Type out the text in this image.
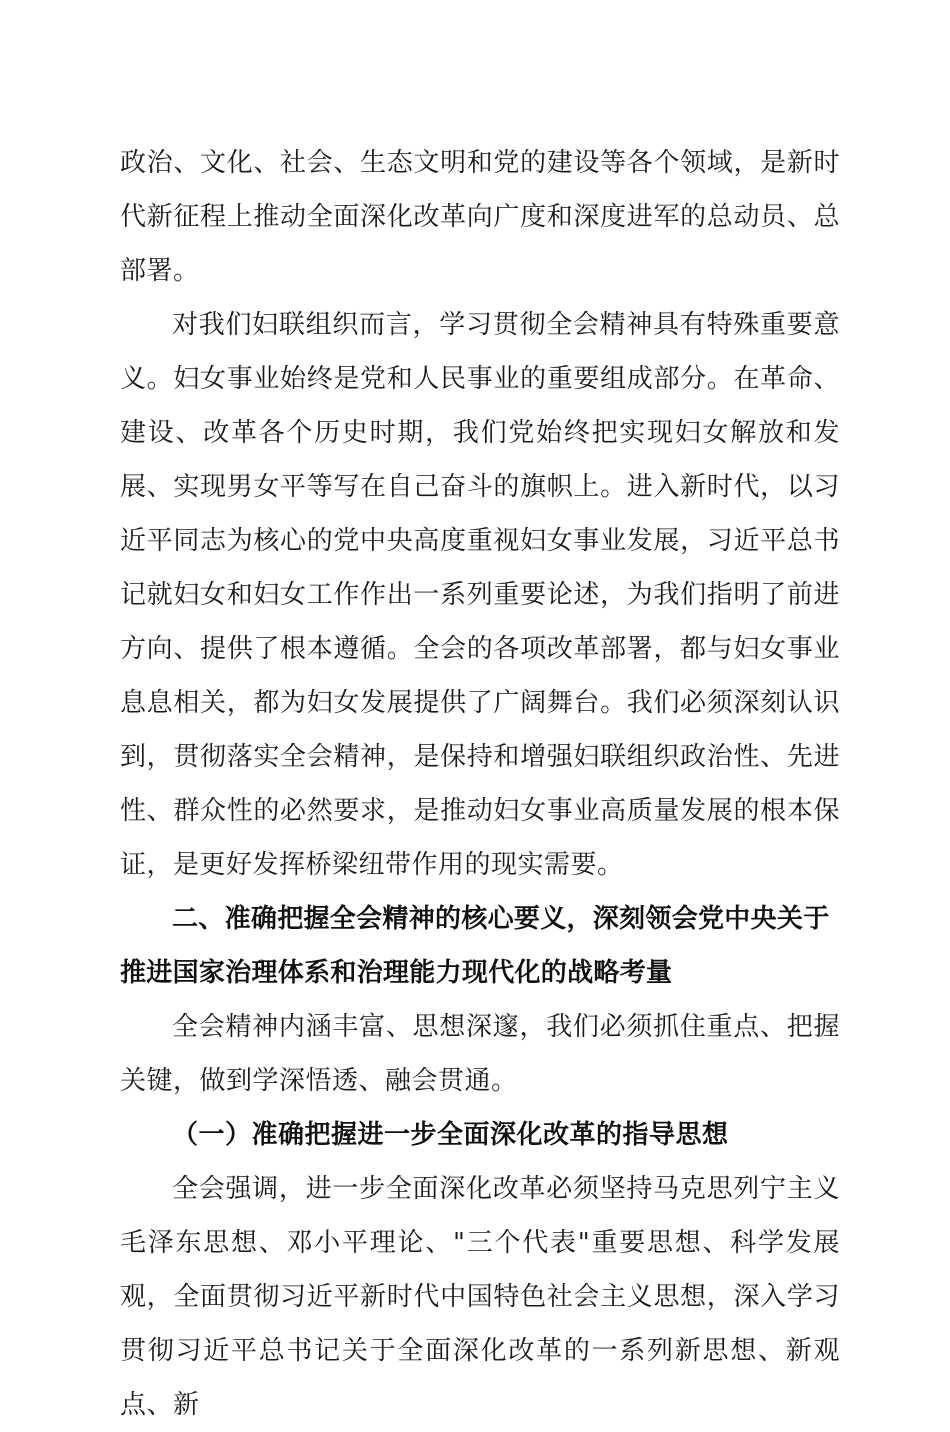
政治、文化、社会、生态文明和党的建设等各个领域，是新时代新征程上推动全面深化改革向广度和深度进军的总动员、总部署。

对我们妇联组织而言，学习贯彻全会精神具有特殊重要意义。妇女事业始终是党和人民事业的重要组成部分。在革命、建设、改革各个历史时期，我们党始终把实现妇女解放和发展、实现男女平等写在自己奋斗的旗帜上。进入新时代，以习近平同志为核心的党中央高度重视妇女事业发展，习近平总书记就妇女和妇女工作作出一系列重要论述，为我们指明了前进方向、提供了根本遵循。全会的各项改革部署，都与妇女事业息息相关，都为妇女发展提供了广阔舞台。我们必须深刻认识到，贯彻落实全会精神，是保持和增强妇联组织政治性、先进性、群众性的必然要求，是推动妇女事业高质量发展的根本保证，是更好发挥桥梁纽带作用的现实需要。

二、准确把握全会精神的核心要义，深刻领会党中央关于推进国家治理体系和治理能力现代化的战略考量

全会精神内涵丰富、思想深邃，我们必须抓住重点、把握关键，做到学深悟透、融会贯通。

（一）准确把握进一步全面深化改革的指导思想

全会强调，进一步全面深化改革必须坚持马克思列宁主义毛泽东思想、邓小平理论、"三个代表"重要思想、科学发展观，全面贯彻习近平新时代中国特色社会主义思想，深入学习贯彻习近平总书记关于全面深化改革的一系列新思想、新观点、新
